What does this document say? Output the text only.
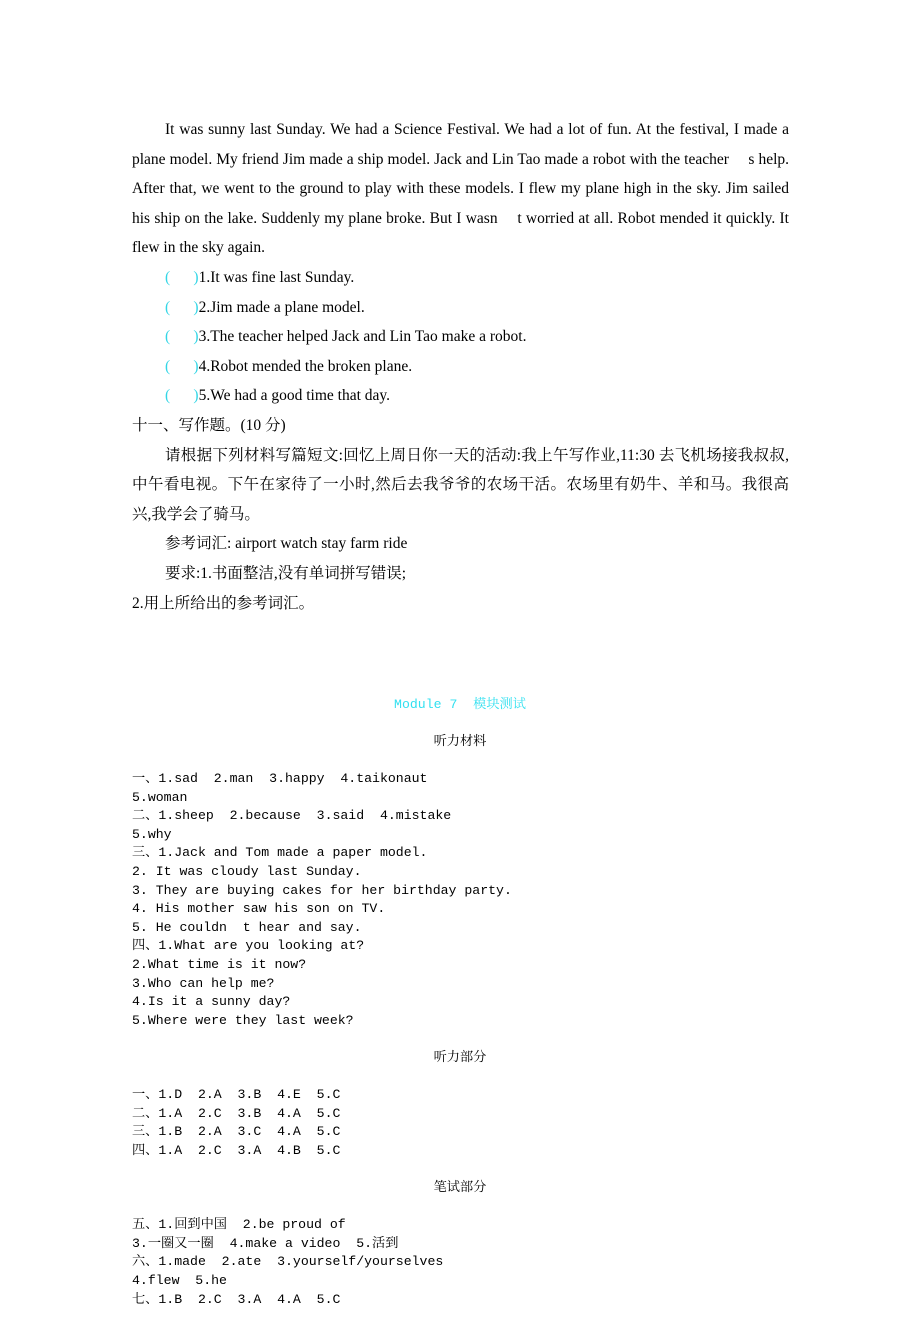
It was sunny last Sunday. We had a Science Festival. We had a lot of fun. At the festival, I made a plane model. My friend Jim made a ship model. Jack and Lin Tao made a robot with the teacher  s help. After that, we went to the ground to play with these models. I flew my plane high in the sky. Jim sailed his ship on the lake. Suddenly my plane broke. But I wasn  t worried at all. Robot mended it quickly. It flew in the sky again.

(      )1.It was fine last Sunday.
(      )2.Jim made a plane model.
(      )3.The teacher helped Jack and Lin Tao make a robot.
(      )4.Robot mended the broken plane.
(      )5.We had a good time that day.

十一、写作题。(10 分)

请根据下列材料写篇短文:回忆上周日你一天的活动:我上午写作业,11:30 去飞机场接我叔叔,中午看电视。下午在家待了一小时,然后去我爷爷的农场干活。农场里有奶牛、羊和马。我很高兴,我学会了骑马。

参考词汇: airport watch stay farm ride

要求:1.书面整洁,没有单词拼写错误;

2.用上所给出的参考词汇。

Module 7  模块测试

听力材料

一、1.sad  2.man  3.happy  4.taikonaut
5.woman
二、1.sheep  2.because  3.said  4.mistake
5.why
三、1.Jack and Tom made a paper model.
2. It was cloudy last Sunday.
3. They are buying cakes for her birthday party.
4. His mother saw his son on TV.
5. He couldn  t hear and say.
四、1.What are you looking at?
2.What time is it now?
3.Who can help me?
4.Is it a sunny day?
5.Where were they last week?

听力部分

一、1.D  2.A  3.B  4.E  5.C
二、1.A  2.C  3.B  4.A  5.C
三、1.B  2.A  3.C  4.A  5.C
四、1.A  2.C  3.A  4.B  5.C

笔试部分

五、1.回到中国  2.be proud of
3.一圈又一圈  4.make a video  5.活到
六、1.made  2.ate  3.yourself/yourselves
4.flew  5.he
七、1.B  2.C  3.A  4.A  5.C
